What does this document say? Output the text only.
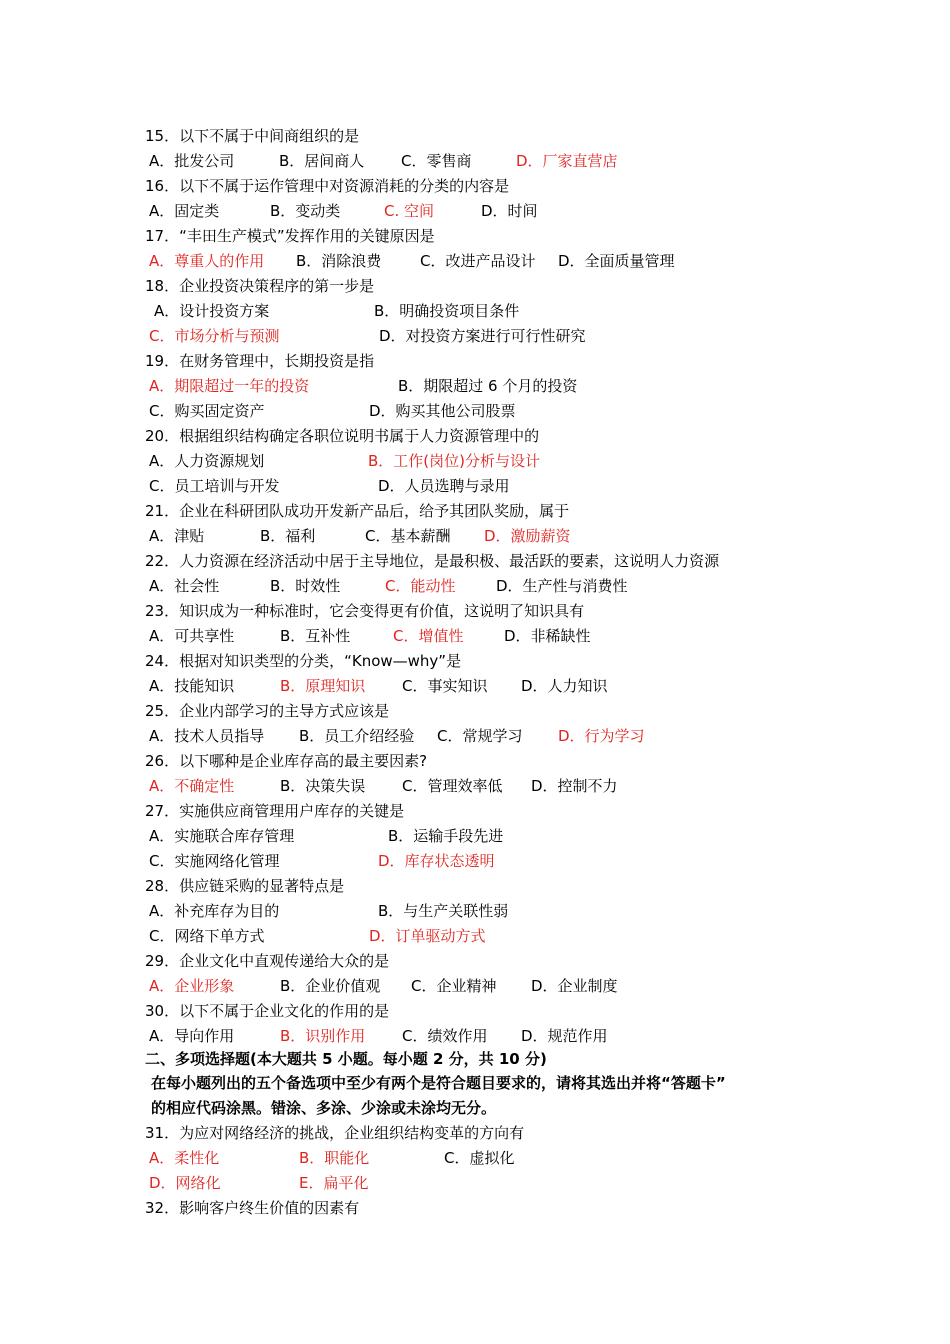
15．以下不属于中间商组织的是
A．批发公司	B．居间商人 C．零售商	D．厂家直营店
16．以下不属于运作管理中对资源消耗的分类的内容是
A．固定类	B．变动类	C. 空间	D．时间
17．“丰田生产模式”发挥作用的关键原因是
A．尊重人的作用 B．消除浪费	C．改进产品设计 D．全面质量管理
18．企业投资决策程序的第一步是
A．设计投资方案	B．明确投资项目条件
C．市场分析与预测	D．对投资方案进行可行性研究
19．在财务管理中，长期投资是指
A．期限超过一年的投资	B．期限超过 6 个月的投资
C．购买固定资产	D．购买其他公司股票
20．根据组织结构确定各职位说明书属于人力资源管理中的
A．人力资源规划	B．工作(岗位)分析与设计
C．员工培训与开发	D．人员选聘与录用
21．企业在科研团队成功开发新产品后，给予其团队奖励，属于
A．津贴	B．福利	C．基本薪酬 D．激励薪资
22．人力资源在经济活动中居于主导地位，是最积极、最活跃的要素，这说明人力资源
A．社会性	B．时效性	C．能动性	D．生产性与消费性
23．知识成为一种标准时，它会变得更有价值，这说明了知识具有
A．可共享性	B．互补性	C．增值性	D．非稀缺性
24．根据对知识类型的分类，“Know—why”是
A．技能知识	B．原理知识 C．事实知识 D．人力知识
25．企业内部学习的主导方式应该是
A．技术人员指导 B．员工介绍经验 C．常规学习 D．行为学习
26．以下哪种是企业库存高的最主要因素?
A．不确定性	B．决策失误 C．管理效率低 D．控制不力
27．实施供应商管理用户库存的关键是
A．实施联合库存管理	B．运输手段先进
C．实施网络化管理	D．库存状态透明
28．供应链采购的显著特点是
A．补充库存为目的	B．与生产关联性弱
C．网络下单方式	D．订单驱动方式
29．企业文化中直观传递给大众的是
A．企业形象	B．企业价值观 C．企业精神 D．企业制度
30．以下不属于企业文化的作用的是
A．导向作用	B．识别作用 C．绩效作用 D．规范作用
二、多项选择题(本大题共 5 小题。每小题 2 分，共 10 分)
在每小题列出的五个备选项中至少有两个是符合题目要求的，请将其选出并将“答题卡”
的相应代码涂黑。错涂、多涂、少涂或未涂均无分。
31．为应对网络经济的挑战，企业组织结构变革的方向有
A．柔性化	B．职能化	C．虚拟化
D．网络化	E．扁平化
32．影响客户终生价值的因素有
